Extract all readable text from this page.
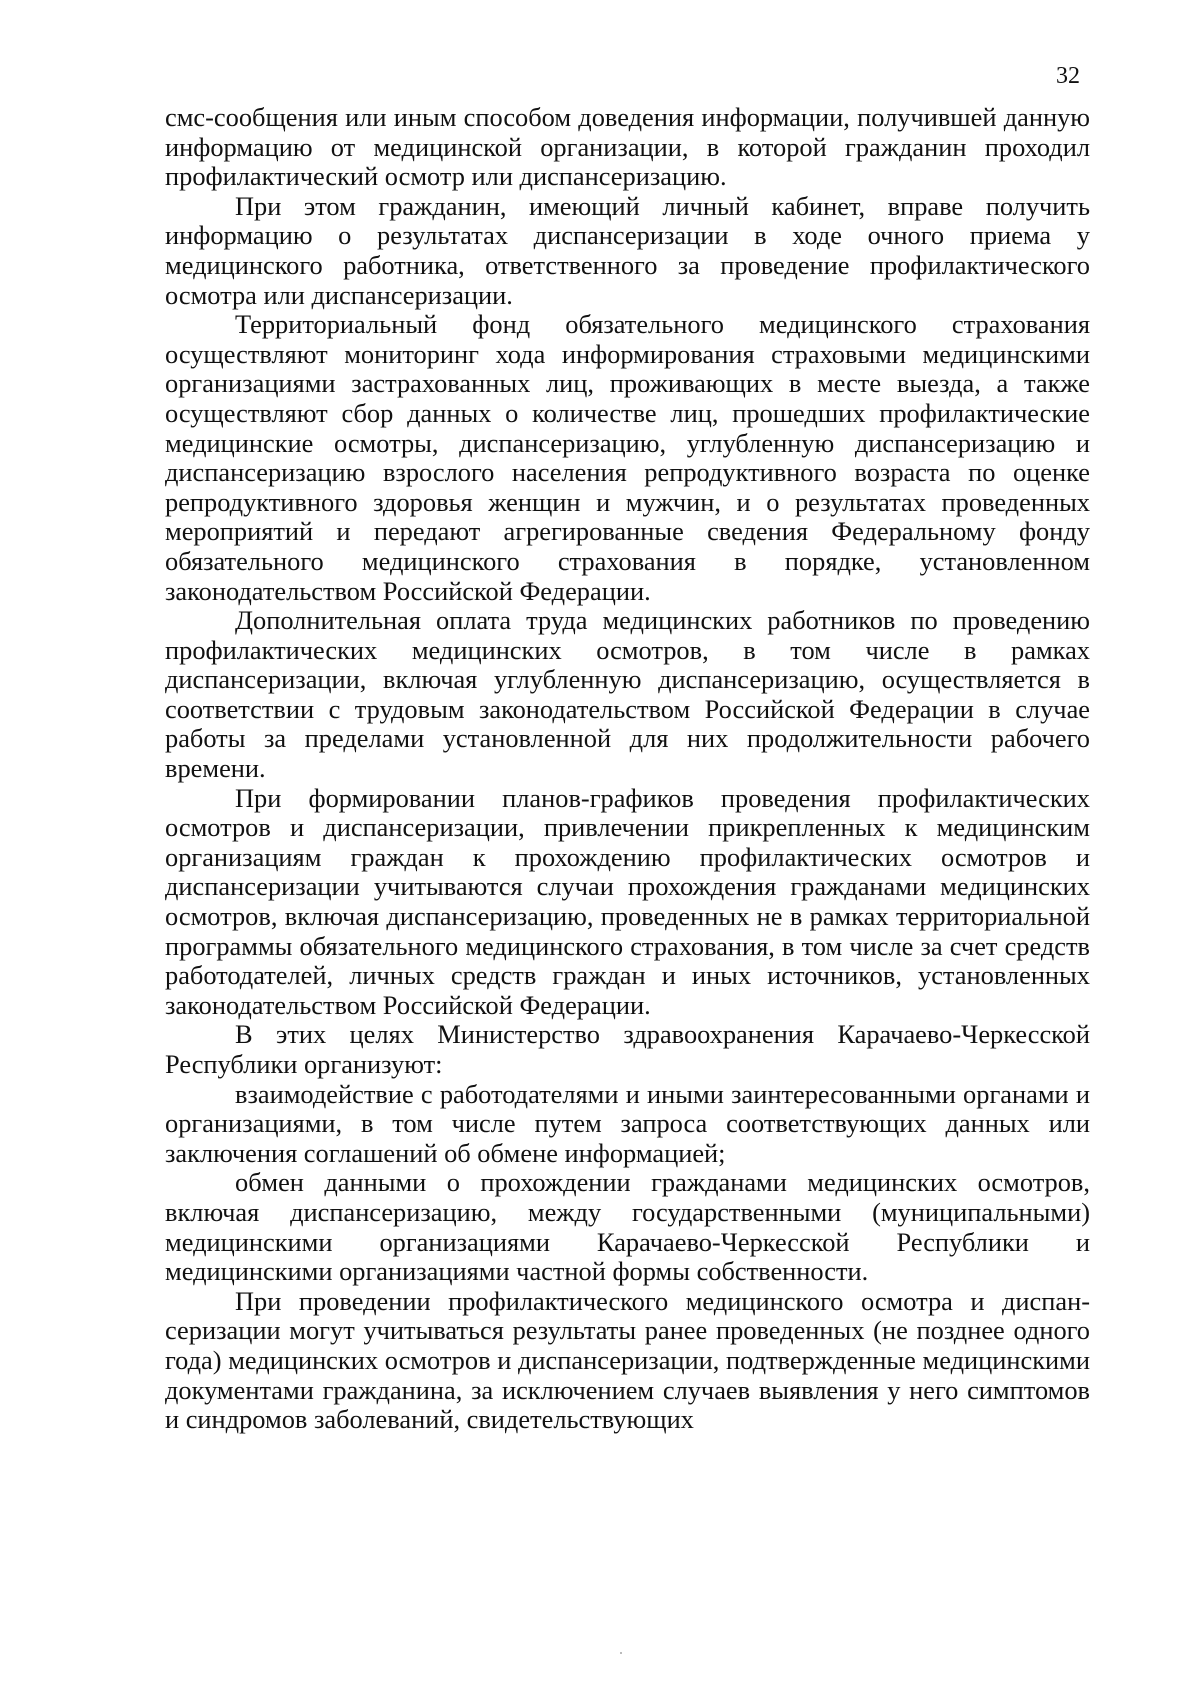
32

смс-сообщения или иным способом доведения информации, получившей данную информацию от медицинской организации, в которой гражданин проходил профилактический осмотр или диспансеризацию.

При этом гражданин, имеющий личный кабинет, вправе получить информацию о результатах диспансеризации в ходе очного приема у медицинского работника, ответственного за проведение профилактического осмотра или диспансеризации.

Территориальный фонд обязательного медицинского страхования осуществляют мониторинг хода информирования страховыми медицинскими организациями застрахованных лиц, проживающих в месте выезда, а также осуществляют сбор данных о количестве лиц, прошедших профилактические медицинские осмотры, диспансеризацию, углубленную диспансеризацию и диспансеризацию взрослого населения репродуктивного возраста по оценке репродуктивного здоровья женщин и мужчин, и о результатах проведенных мероприятий и передают агрегированные сведения Федеральному фонду обязательного медицинского страхования в порядке, установленном законодательством Российской Федерации.

Дополнительная оплата труда медицинских работников по проведению профилактических медицинских осмотров, в том числе в рамках диспансеризации, включая углубленную диспансеризацию, осуществляется в соответствии с трудовым законодательством Российской Федерации в случае работы за пределами установленной для них продолжительности рабочего времени.

При формировании планов-графиков проведения профилактических осмотров и диспансеризации, привлечении прикрепленных к медицинским организациям граждан к прохождению профилактических осмотров и диспансеризации учитываются случаи прохождения гражданами медицинских осмотров, включая диспансеризацию, проведенных не в рамках территориальной программы обязательного медицинского страхования, в том числе за счет средств работодателей, личных средств граждан и иных источников, установленных законодательством Российской Федерации.

В этих целях Министерство здравоохранения Карачаево-Черкесской Республики организуют:

взаимодействие с работодателями и иными заинтересованными органами и организациями, в том числе путем запроса соответствующих данных или заключения соглашений об обмене информацией;

обмен данными о прохождении гражданами медицинских осмотров, включая диспансеризацию, между государственными (муниципальными) медицинскими организациями Карачаево-Черкесской Республики и медицинскими организациями частной формы собственности.

При проведении профилактического медицинского осмотра и диспансеризации могут учитываться результаты ранее проведенных (не позднее одного года) медицинских осмотров и диспансеризации, подтвержденные медицинскими документами гражданина, за исключением случаев выявления у него симптомов и синдромов заболеваний, свидетельствующих
